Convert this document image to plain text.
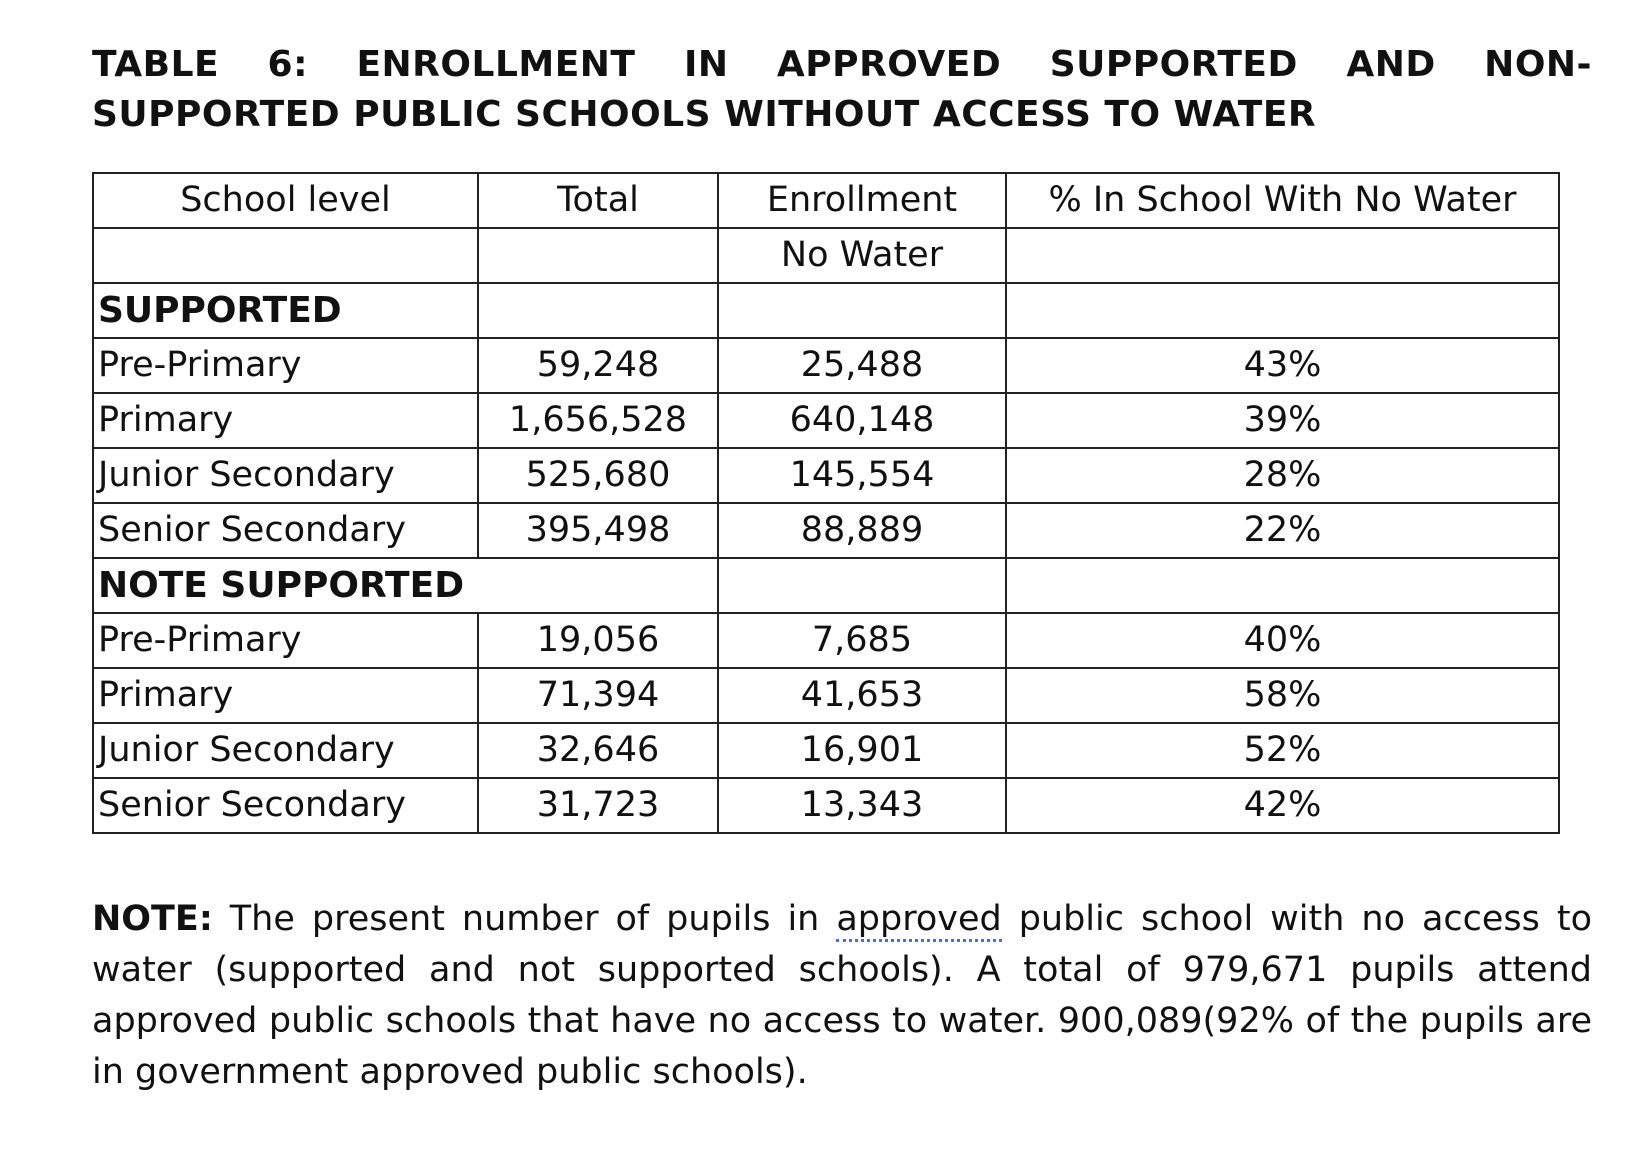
TABLE 6: ENROLLMENT IN APPROVED SUPPORTED AND NON-SUPPORTED PUBLIC SCHOOLS WITHOUT ACCESS TO WATER
School level	Total	Enrollment	% In School With No Water
		No Water	
SUPPORTED			
Pre-Primary	59,248	25,488	43%
Primary	1,656,528	640,148	39%
Junior Secondary	525,680	145,554	28%
Senior Secondary	395,498	88,889	22%
NOTE SUPPORTED			
Pre-Primary	19,056	7,685	40%
Primary	71,394	41,653	58%
Junior Secondary	32,646	16,901	52%
Senior Secondary	31,723	13,343	42%

NOTE: The present number of pupils in approved public school with no access to water (supported and not supported schools). A total of 979,671 pupils attend approved public schools that have no access to water. 900,089(92% of the pupils are in government approved public schools).
